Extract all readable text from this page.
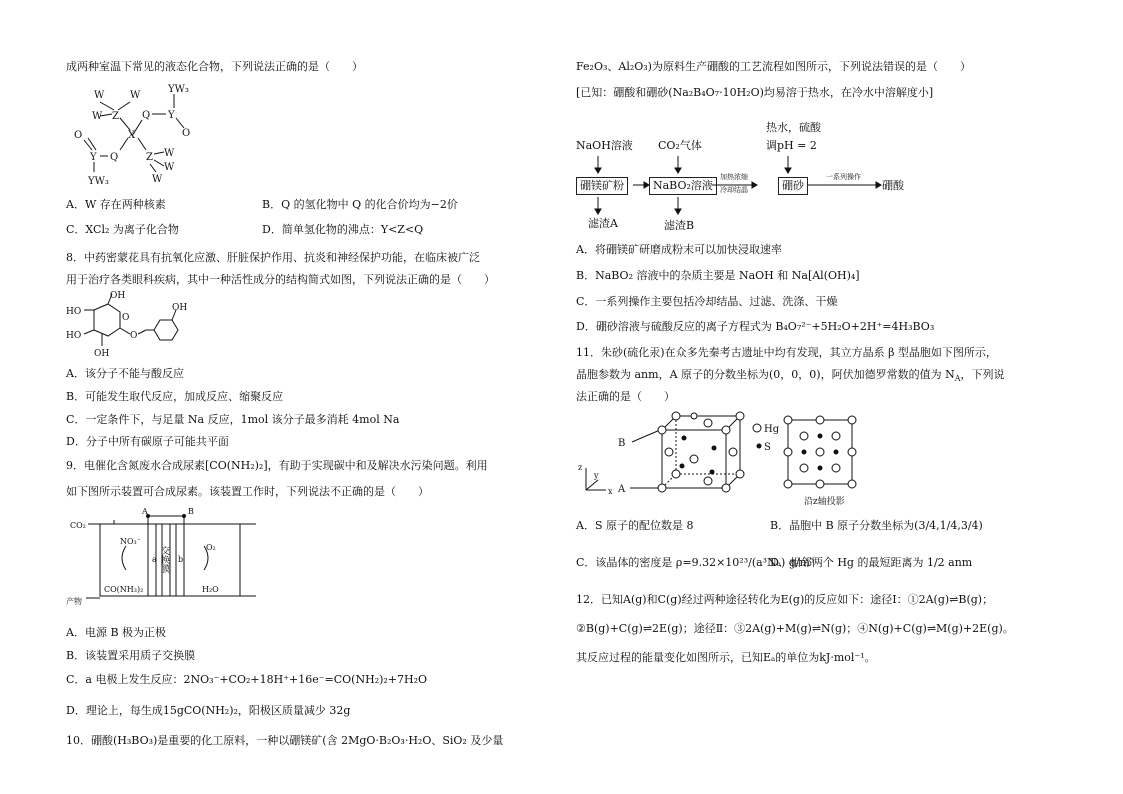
成两种室温下常见的液态化合物，下列说法正确的是（　　）
W	W
W Z
YW₃
Q Y
O
X
O
Y Q	Z W
W
W
YW₃
A．W 存在两种核素	B．Q 的氢化物中 Q 的化合价均为−2价
C．XCl₂ 为离子化合物	D．简单氢化物的沸点：Y<Z<Q
8．中药密蒙花具有抗氧化应激、肝脏保护作用、抗炎和神经保护功能，在临床被广泛
用于治疗各类眼科疾病，其中一种活性成分的结构简式如图，下列说法正确的是（　　）
OH
HO
HO
OH
O
O
OH
A．该分子不能与酸反应
B．可能发生取代反应，加成反应、缩聚反应
C．一定条件下，与足量 Na 反应，1mol 该分子最多消耗 4mol Na
D．分子中所有碳原子可能共平面
9．电催化含氮废水合成尿素[CO(NH₂)₂]，有助于实现碳中和及解决水污染问题。利用
如下图所示装置可合成尿素。该装置工作时，下列说法不正确的是（　　）
CO₂
A	B
NO₃⁻
O₂
a	b
CO(NH₃)₂	H₂O
产物
交换膜
A．电源 B 极为正极
B．该装置采用质子交换膜
C．a 电极上发生反应：2NO₃⁻+CO₂+18H⁺+16e⁻=CO(NH₂)₂+7H₂O
D．理论上，每生成15gCO(NH₂)₂，阳极区质量减少 32g
10．硼酸(H₃BO₃)是重要的化工原料，一种以硼镁矿(含 2MgO·B₂O₃·H₂O、SiO₂ 及少量
Fe₂O₃、Al₂O₃)为原料生产硼酸的工艺流程如图所示，下列说法错误的是（　　）
[已知：硼酸和硼砂(Na₂B₄O₇·10H₂O)均易溶于热水，在冷水中溶解度小]
NaOH溶液 CO₂气体
热水，硫酸
调pH = 2
硼镁矿粉	NaBO₂溶液
加热浓缩
冷却结晶	硼砂
一系列操作
硼酸
滤渣A	滤渣B
A．将硼镁矿研磨成粉末可以加快浸取速率
B．NaBO₂ 溶液中的杂质主要是 NaOH 和 Na[Al(OH)₄]
C．一系列操作主要包括冷却结晶、过滤、洗涤、干燥
D．硼砂溶液与硫酸反应的离子方程式为 B₄O₇²⁻+5H₂O+2H⁺=4H₃BO₃
11．朱砂(硫化汞)在众多先秦考古遗址中均有发现，其立方晶系 β 型晶胞如下图所示，
晶胞参数为 anm，A 原子的分数坐标为(0，0，0)，阿伏加德罗常数的值为 $N_A$，下列说
法正确的是（　　）
B
A
Hg
S
z
y
x
沿z轴投影
A．S 原子的配位数是 8	B．晶胞中 B 原子分数坐标为(3/4,1/4,3/4)
C．该晶体的密度是 ρ=9.32×10²³/(a³Nₐ) g/m³
D．相邻两个 Hg 的最短距离为 1/2 anm
12．已知A(g)和C(g)经过两种途径转化为E(g)的反应如下：途径Ⅰ：①2A(g)⇌B(g)；
②B(g)+C(g)⇌2E(g)；途径Ⅱ：③2A(g)+M(g)⇌N(g)；④N(g)+C(g)⇌M(g)+2E(g)。
其反应过程的能量变化如图所示，已知Eₐ的单位为kJ·mol⁻¹。
